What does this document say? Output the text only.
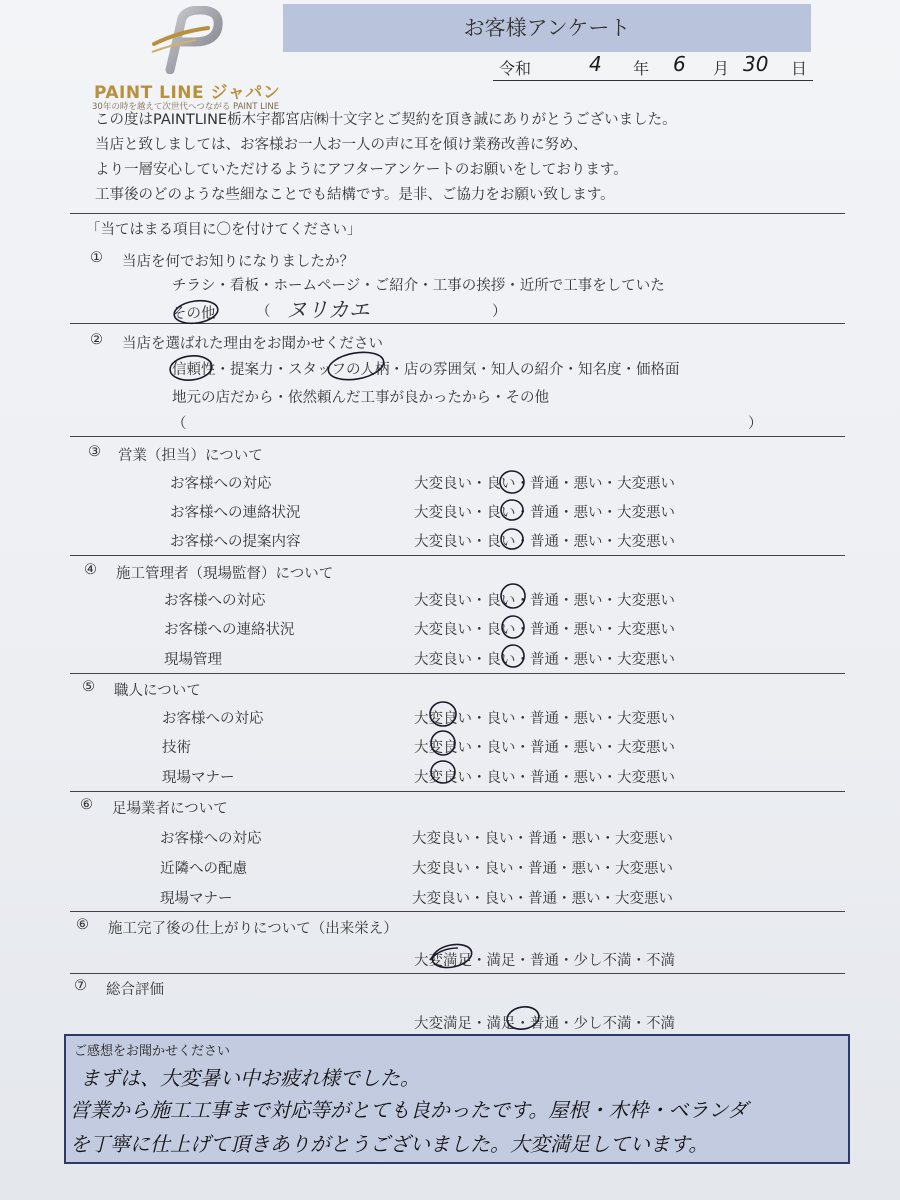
PAINT LINE ジャパン
30年の時を越えて次世代へつながる PAINT LINE
お客様アンケート
令和	4 年 6 月 30 日
この度はPAINTLINE栃木宇都宮店㈱十文字とご契約を頂き誠にありがとうございました。
当店と致しましては、お客様お一人お一人の声に耳を傾け業務改善に努め、
より一層安心していただけるようにアフターアンケートのお願いをしております。
工事後のどのような些細なことでも結構です。是非、ご協力をお願い致します。
「当てはまる項目に〇を付けてください」
① 当店を何でお知りになりましたか？
チラシ・看板・ホームページ・ご紹介・工事の挨拶・近所で工事をしていた
その他	（ ヌリカエ	）
② 当店を選ばれた理由をお聞かせください
信頼性・提案力・スタッフの人柄・店の雰囲気・知人の紹介・知名度・価格面
地元の店だから・依然頼んだ工事が良かったから・その他
（	）
③ 営業（担当）について
お客様への対応	大変良い・良い・普通・悪い・大変悪い
お客様への連絡状況	大変良い・良い・普通・悪い・大変悪い
お客様への提案内容	大変良い・良い・普通・悪い・大変悪い
④ 施工管理者（現場監督）について
お客様への対応	大変良い・良い・普通・悪い・大変悪い
お客様への連絡状況	大変良い・良い・普通・悪い・大変悪い
現場管理	大変良い・良い・普通・悪い・大変悪い
⑤ 職人について
お客様への対応	大変良い・良い・普通・悪い・大変悪い
技術	大変良い・良い・普通・悪い・大変悪い
現場マナー	大変良い・良い・普通・悪い・大変悪い
⑥ 足場業者について
お客様への対応	大変良い・良い・普通・悪い・大変悪い
近隣への配慮	大変良い・良い・普通・悪い・大変悪い
現場マナー	大変良い・良い・普通・悪い・大変悪い
⑥ 施工完了後の仕上がりについて（出来栄え）
大変満足・満足・普通・少し不満・不満
⑦ 総合評価
大変満足・満足・普通・少し不満・不満
ご感想をお聞かせください
まずは、大変暑い中お疲れ様でした。
営業から施工工事まで対応等がとても良かったです。屋根・木枠・ベランダ
を丁寧に仕上げて頂きありがとうございました。大変満足しています。
